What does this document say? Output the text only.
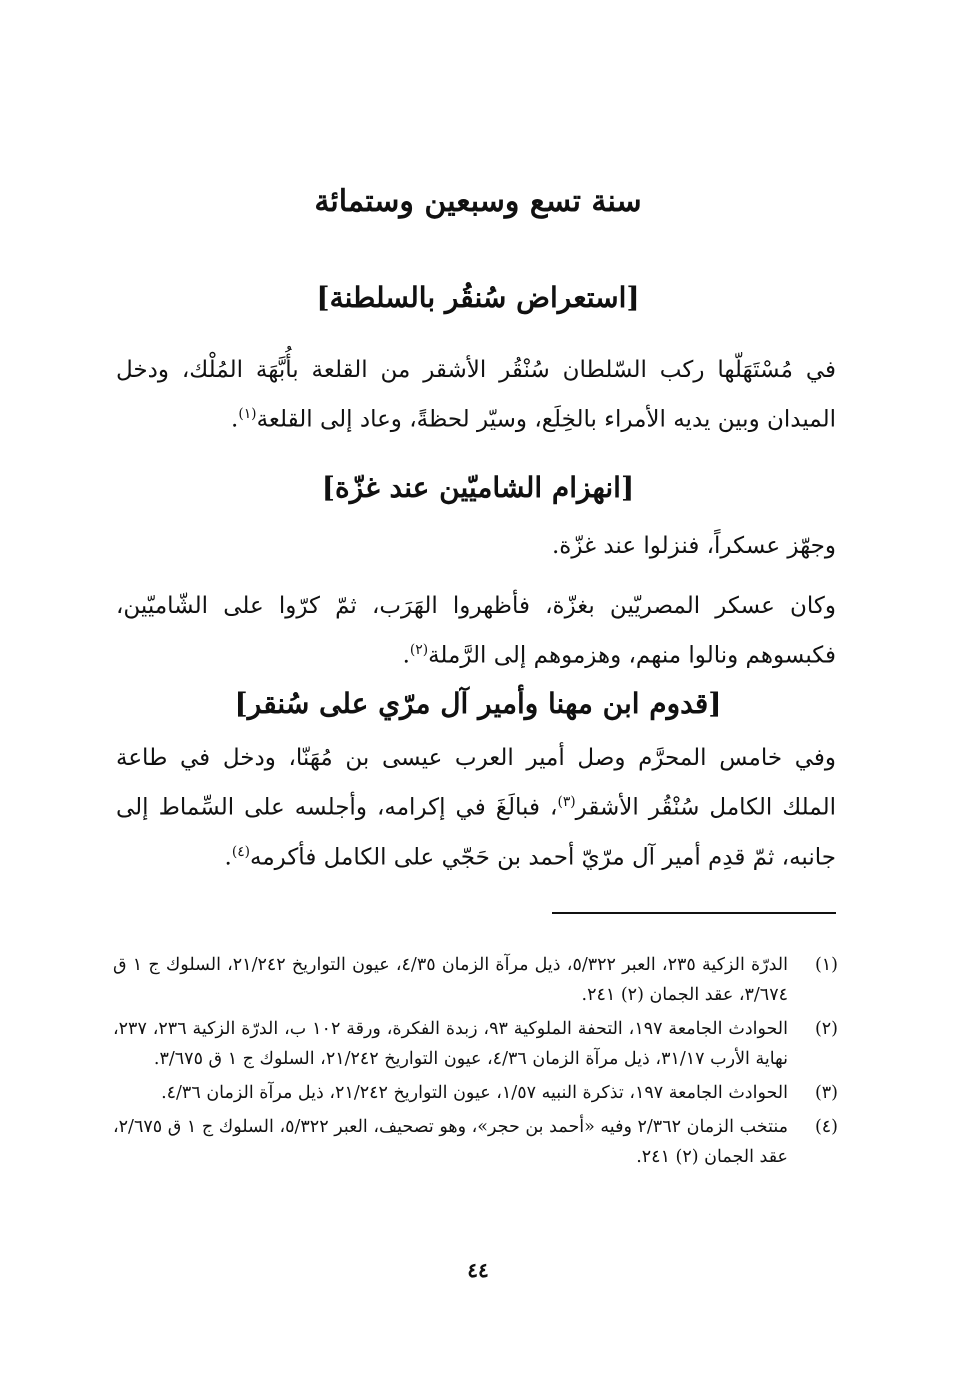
سنة تسع وسبعين وستمائة
[استعراض سُنقُر بالسلطنة]

في مُسْتَهَلّها ركب السّلطان سُنْقُر الأشقر من القلعة بأُبَّهَة المُلْك، ودخل الميدان وبين يديه الأمراء بالخِلَع، وسيّر لحظةً، وعاد إلى القلعة$^{(١)}$.

[انهزام الشاميّين عند غزّة]

وجهّز عسكراً، فنزلوا عند غزّة.

وكان عسكر المصريّين بغزّة، فأظهروا الهَرَب، ثمّ كرّوا على الشّاميّين، فكبسوهم ونالوا منهم، وهزموهم إلى الرَّملة$^{(٢)}$.

[قدوم ابن مهنا وأمير آل مرّي على سُنقر]

وفي خامس المحرَّم وصل أمير العرب عيسى بن مُهَنّا، ودخل في طاعة الملك الكامل سُنْقُر الأشقر$^{(٣)}$، فبالَغَ في إكرامه، وأجلسه على السِّماط إلى جانبه، ثمّ قدِم أمير آل مرّيّ أحمد بن حَجّي على الكامل فأكرمه$^{(٤)}$.

(١)
الدرّة الزكية ٢٣٥، العبر ٥/٣٢٢، ذيل مرآة الزمان ٤/٣٥، عيون التواريخ ٢١/٢٤٢، السلوك ج ١ ق ٣/٦٧٤، عقد الجمان (٢) ٢٤١.
(٢)
الحوادث الجامعة ١٩٧، التحفة الملوكية ٩٣، زبدة الفكرة، ورقة ١٠٢ ب، الدرّة الزكية ٢٣٦، ٢٣٧، نهاية الأرب ٣١/١٧، ذيل مرآة الزمان ٤/٣٦، عيون التواريخ ٢١/٢٤٢، السلوك ج ١ ق ٣/٦٧٥.
(٣)
الحوادث الجامعة ١٩٧، تذكرة النبيه ١/٥٧، عيون التواريخ ٢١/٢٤٢، ذيل مرآة الزمان ٤/٣٦.
(٤)
منتخب الزمان ٢/٣٦٢ وفيه «أحمد بن حجر»، وهو تصحيف، العبر ٥/٣٢٢، السلوك ج ١ ق ٢/٦٧٥، عقد الجمان (٢) ٢٤١.
٤٤
